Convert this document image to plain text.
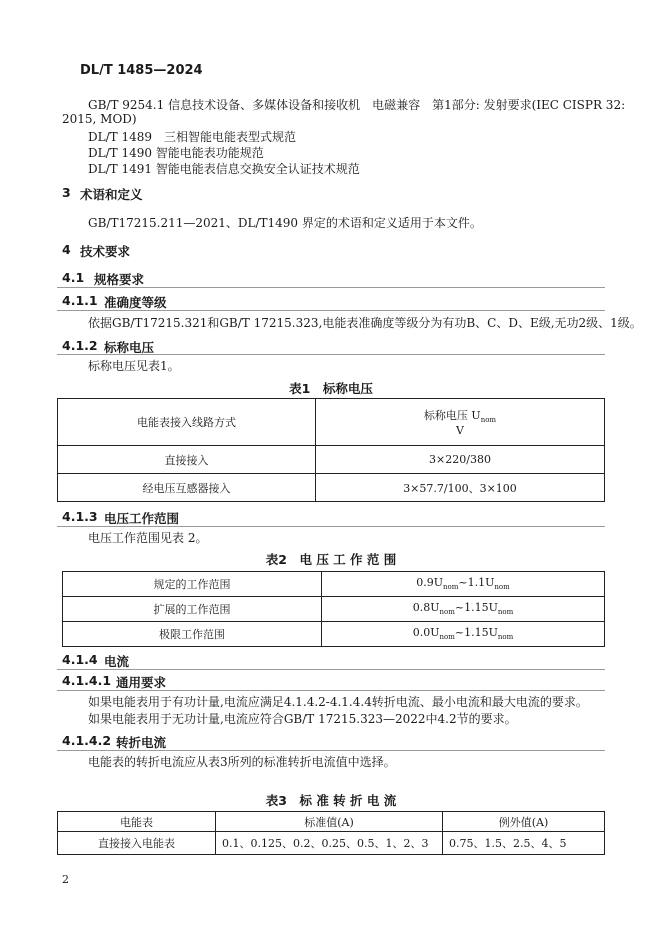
DL/T 1485—2024
GB/T 9254.1 信息技术设备、多媒体设备和接收机　电磁兼容　第1部分: 发射要求(IEC CISPR 32:
2015, MOD)
DL/T 1489　三相智能电能表型式规范
DL/T 1490 智能电能表功能规范
DL/T 1491 智能电能表信息交换安全认证技术规范
3 术语和定义
GB/T17215.211—2021、DL/T1490 界定的术语和定义适用于本文件。
4 技术要求
4.1 规格要求
4.1.1 准确度等级
依据GB/T17215.321和GB/T 17215.323,电能表准确度等级分为有功B、C、D、E级,无功2级、1级。
4.1.2 标称电压
标称电压见表1。
表1　标称电压
电能表接入线路方式	标称电压 $U_{nom}$
V
直接接入	3×220/380
经电压互感器接入	3×57.7/100、3×100
4.1.3 电压工作范围
电压工作范围见表 2。
表2　电 压 工 作 范 围
规定的工作范围	$0.9U_{nom}\sim 1.1U_{nom}$
扩展的工作范围	$0.8U_{nom}\sim 1.15U_{nom}$
极限工作范围	$0.0U_{nom}\sim 1.15U_{nom}$
4.1.4 电流
4.1.4.1 通用要求
如果电能表用于有功计量,电流应满足4.1.4.2-4.1.4.4转折电流、最小电流和最大电流的要求。
如果电能表用于无功计量,电流应符合GB/T 17215.323—2022中4.2节的要求。
4.1.4.2 转折电流
电能表的转折电流应从表3所列的标准转折电流值中选择。
表3　标 准 转 折 电 流
电能表	标准值(A)	例外值(A)
直接接入电能表	0.1、0.125、0.2、0.25、0.5、1、2、3	0.75、1.5、2.5、4、5
2
